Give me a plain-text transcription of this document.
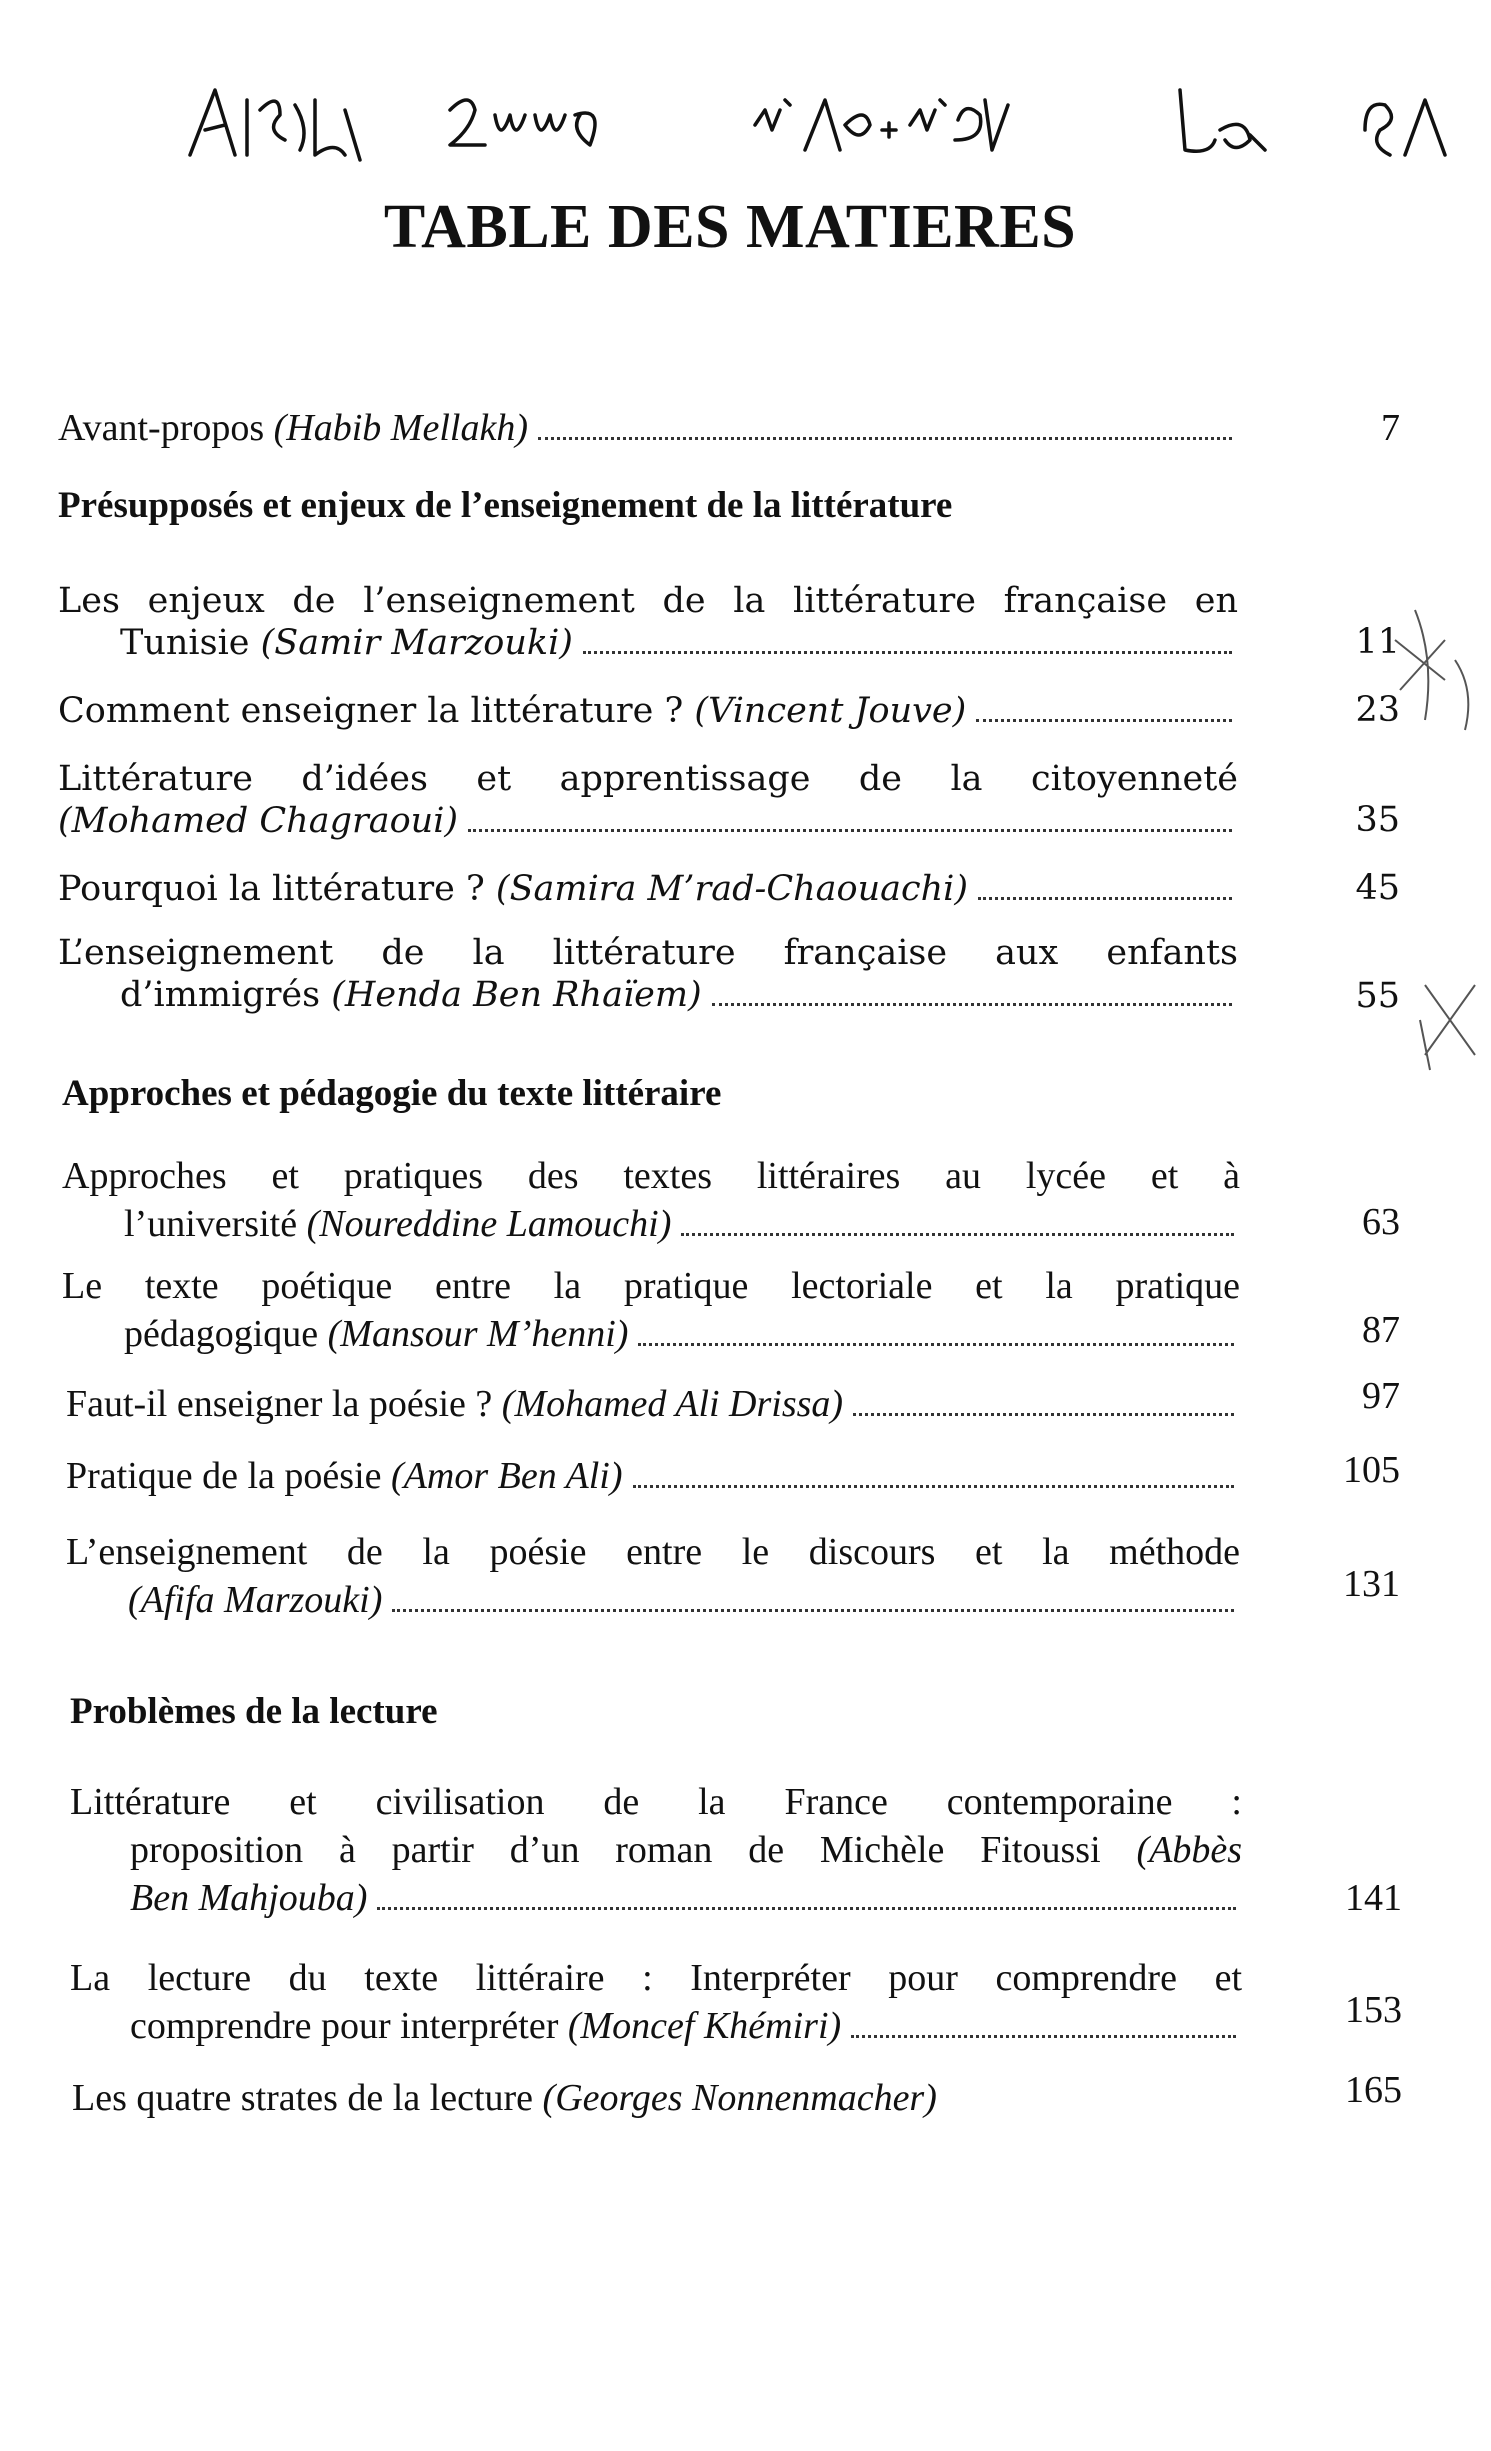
TABLE DES MATIERES
Avant-propos
(Habib Mellakh)	7
Présupposés et enjeux de l’enseignement de la littérature
Les enjeux de l’enseignement de la littérature française en
Tunisie
(Samir Marzouki)	11
Comment enseigner la littérature ?
(Vincent Jouve)	23
Littérature d’idées et apprentissage de la citoyenneté
(Mohamed Chagraoui)	35
Pourquoi la littérature ?
(Samira M’rad-Chaouachi)	45
L’enseignement de la littérature française aux enfants
d’immigrés
(Henda Ben Rhaïem)	55
Approches et pédagogie du texte littéraire
Approches et pratiques des textes littéraires au lycée et à
l’université
(Noureddine Lamouchi)	63
Le texte poétique entre la pratique lectoriale et la pratique
pédagogique
(Mansour M’henni)	87
Faut-il enseigner la poésie ?
(Mohamed Ali Drissa)	97
Pratique de la poésie
(Amor Ben Ali)	105
L’enseignement de la poésie entre le discours et la méthode
(Afifa Marzouki)	131
Problèmes de la lecture
Littérature et civilisation de la France contemporaine :
proposition à partir d’un roman de Michèle Fitoussi (Abbès
Ben Mahjouba)	141
La lecture du texte littéraire : Interpréter pour comprendre et
comprendre pour interpréter
(Moncef Khémiri)	153
Les quatre strates de la lecture
(Georges Nonnenmacher)	165
